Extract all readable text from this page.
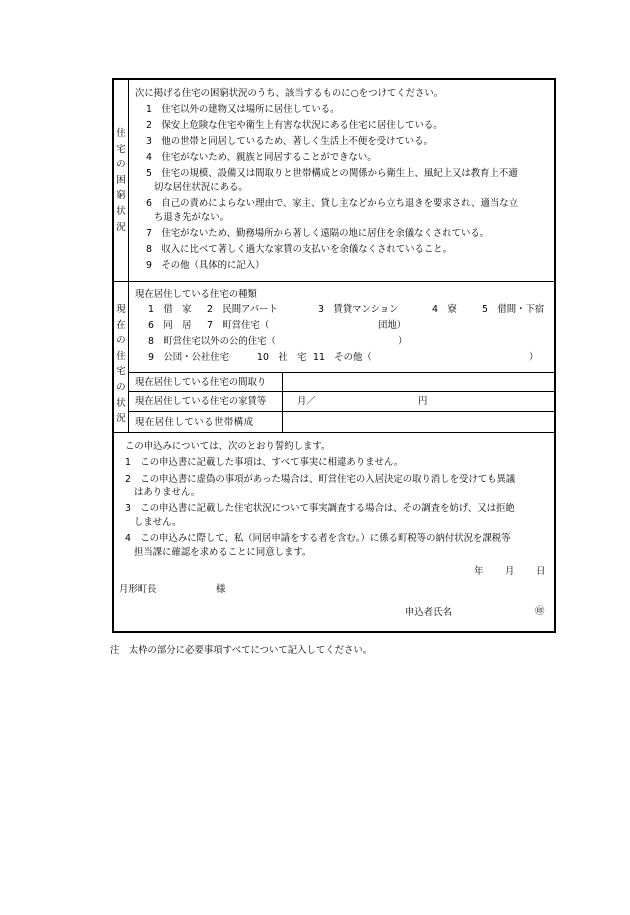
住
宅
の
困
窮
状
況
次に掲げる住宅の困窮状況のうち、該当するものに○をつけてください。
1　住宅以外の建物又は場所に居住している。
2　保安上危険な住宅や衛生上有害な状況にある住宅に居住している。
3　他の世帯と同居しているため、著しく生活上不便を受けている。
4　住宅がないため、親族と同居することができない。
5　住宅の規模、設備又は間取りと世帯構成との関係から衛生上、風紀上又は教育上不適
切な居住状況にある。
6　自己の責めによらない理由で、家主、貸し主などから立ち退きを要求され、適当な立
ち退き先がない。
7　住宅がないため、勤務場所から著しく遠隔の地に居住を余儀なくされている。
8　収入に比べて著しく過大な家賃の支払いを余儀なくされていること。
9　その他（具体的に記入）
現
在
の
住
宅
の
状
況
現在居住している住宅の種類
1　借　家 2　民間アパート	3　賃貸マンション	4　寮	5　借間・下宿
6　同　居 7　町営住宅（	団地）
8　町営住宅以外の公的住宅（	）
9　公団・公社住宅	10　社　宅 11　その他（	）
現在居住している住宅の間取り
現在居住している住宅の家賃等	月／	円
現在居住している世帯構成
この申込みについては、次のとおり誓約します。
1　この申込書に記載した事項は、すべて事実に相違ありません。
2　この申込書に虚偽の事項があった場合は、町営住宅の入居決定の取り消しを受けても異議
はありません。
3　この申込書に記載した住宅状況について事実調査する場合は、その調査を妨げ、又は拒絶
しません。
4　この申込みに際して、私（同居申請をする者を含む。）に係る町税等の納付状況を課税等
担当課に確認を求めることに同意します。
年 月 日
月形町長	様
申込者氏名	㊞
注　太枠の部分に必要事項すべてについて記入してください。
